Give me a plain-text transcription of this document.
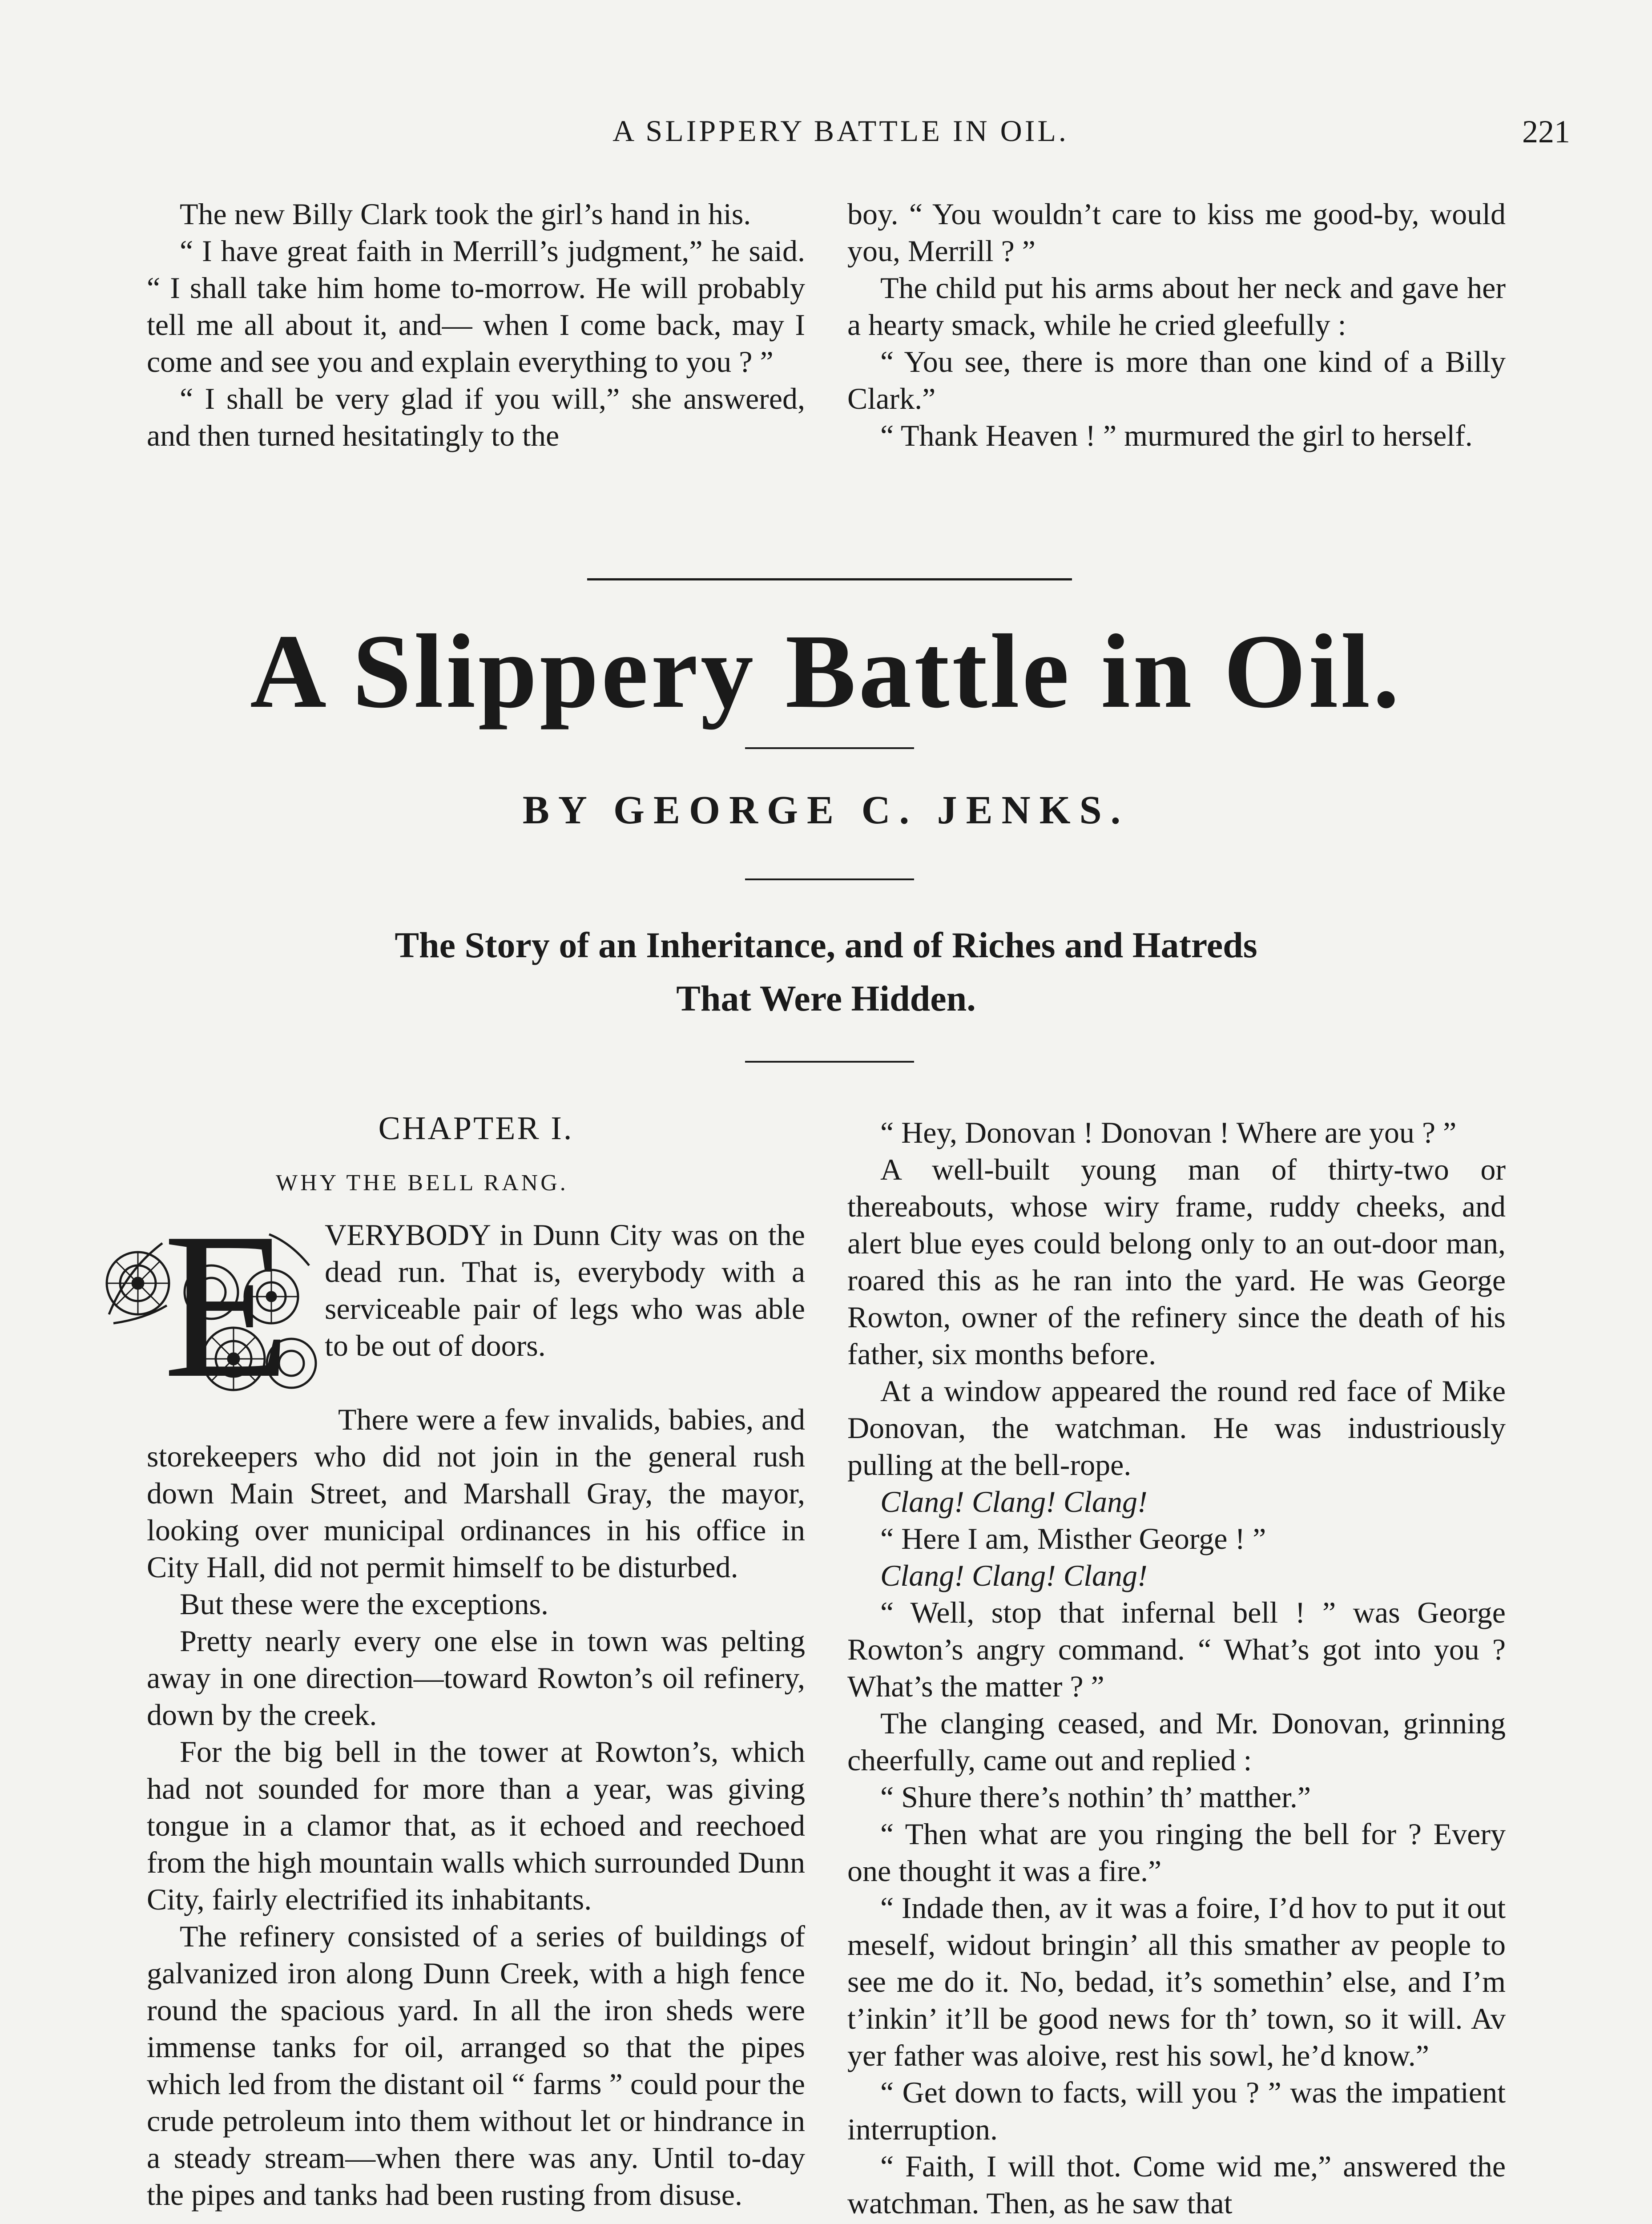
A SLIPPERY BATTLE IN OIL.	221

The new Billy Clark took the girl’s hand in his.

“ I have great faith in Merrill’s judgment,” he said. “ I shall take him home to-morrow. He will probably tell me all about it, and— when I come back, may I come and see you and explain everything to you ? ”

“ I shall be very glad if you will,” she answered, and then turned hesitatingly to the

boy. “ You wouldn’t care to kiss me good-by, would you, Merrill ? ”

The child put his arms about her neck and gave her a hearty smack, while he cried gleefully :

“ You see, there is more than one kind of a Billy Clark.”

“ Thank Heaven ! ” murmured the girl to herself.

A Slippery Battle in Oil.
BY GEORGE C. JENKS.
The Story of an Inheritance, and of Riches and Hatreds
That Were Hidden.
CHAPTER I.
WHY THE BELL RANG.
E VERYBODY in Dunn City was on the dead run. That is, everybody with a serviceable pair of legs who was able to be out of doors.

There were a few invalids, babies, and storekeepers who did not join in the general rush down Main Street, and Marshall Gray, the mayor, looking over municipal ordinances in his office in City Hall, did not permit himself to be disturbed.

But these were the exceptions.

Pretty nearly every one else in town was pelting away in one direction—toward Rowton’s oil refinery, down by the creek.

For the big bell in the tower at Rowton’s, which had not sounded for more than a year, was giving tongue in a clamor that, as it echoed and reechoed from the high mountain walls which surrounded Dunn City, fairly electrified its inhabitants.

The refinery consisted of a series of buildings of galvanized iron along Dunn Creek, with a high fence round the spacious yard. In all the iron sheds were immense tanks for oil, arranged so that the pipes which led from the distant oil “ farms ” could pour the crude petroleum into them without let or hindrance in a steady stream—when there was any. Until to-day the pipes and tanks had been rusting from disuse.

“ Hey, Donovan ! Donovan ! Where are you ? ”

A well-built young man of thirty-two or thereabouts, whose wiry frame, ruddy cheeks, and alert blue eyes could belong only to an out-door man, roared this as he ran into the yard. He was George Rowton, owner of the refinery since the death of his father, six months before.

At a window appeared the round red face of Mike Donovan, the watchman. He was industriously pulling at the bell-rope.

Clang! Clang! Clang!

“ Here I am, Misther George ! ”

Clang! Clang! Clang!

“ Well, stop that infernal bell ! ” was George Rowton’s angry command. “ What’s got into you ? What’s the matter ? ”

The clanging ceased, and Mr. Donovan, grinning cheerfully, came out and replied :

“ Shure there’s nothin’ th’ matther.”

“ Then what are you ringing the bell for ? Every one thought it was a fire.”

“ Indade then, av it was a foire, I’d hov to put it out meself, widout bringin’ all this smather av people to see me do it. No, bedad, it’s somethin’ else, and I’m t’inkin’ it’ll be good news for th’ town, so it will. Av yer father was aloive, rest his sowl, he’d know.”

“ Get down to facts, will you ? ” was the impatient interruption.

“ Faith, I will thot. Come wid me,” answered the watchman. Then, as he saw that
